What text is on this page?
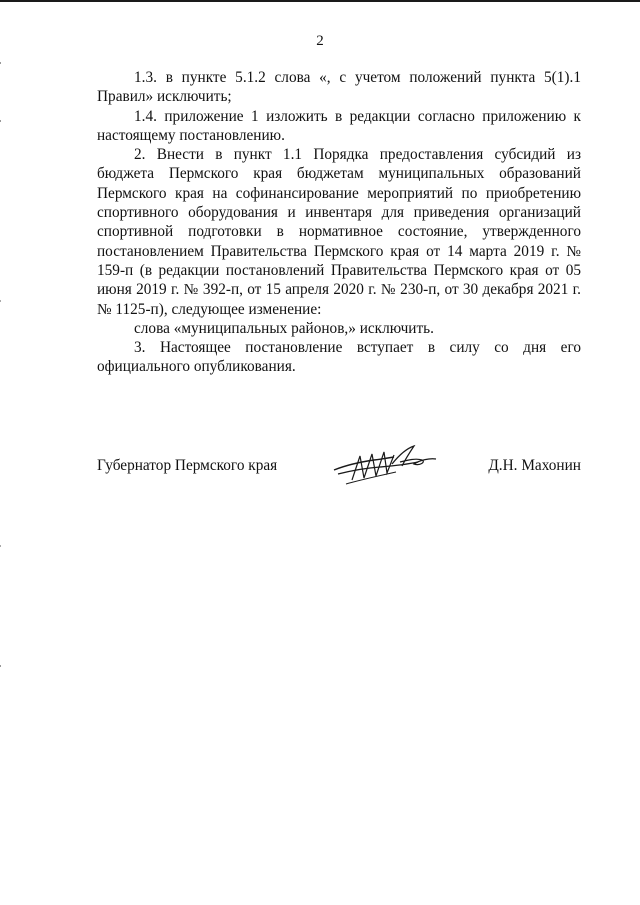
2

1.3. в пункте 5.1.2 слова «, с учетом положений пункта 5(1).1 Правил» исключить;

1.4. приложение 1 изложить в редакции согласно приложению к настоящему постановлению.

2. Внести в пункт 1.1 Порядка предоставления субсидий из бюджета Пермского края бюджетам муниципальных образований Пермского края на софинансирование мероприятий по приобретению спортивного оборудования и инвентаря для приведения организаций спортивной подготовки в нормативное состояние, утвержденного постановлением Правительства Пермского края от 14 марта 2019 г. № 159-п (в редакции постановлений Правительства Пермского края от 05 июня 2019 г. № 392-п, от 15 апреля 2020 г. № 230-п, от 30 декабря 2021 г. № 1125-п), следующее изменение:

слова «муниципальных районов,» исключить.

3. Настоящее постановление вступает в силу со дня его официального опубликования.

Губернатор Пермского края	Д.Н. Махонин
